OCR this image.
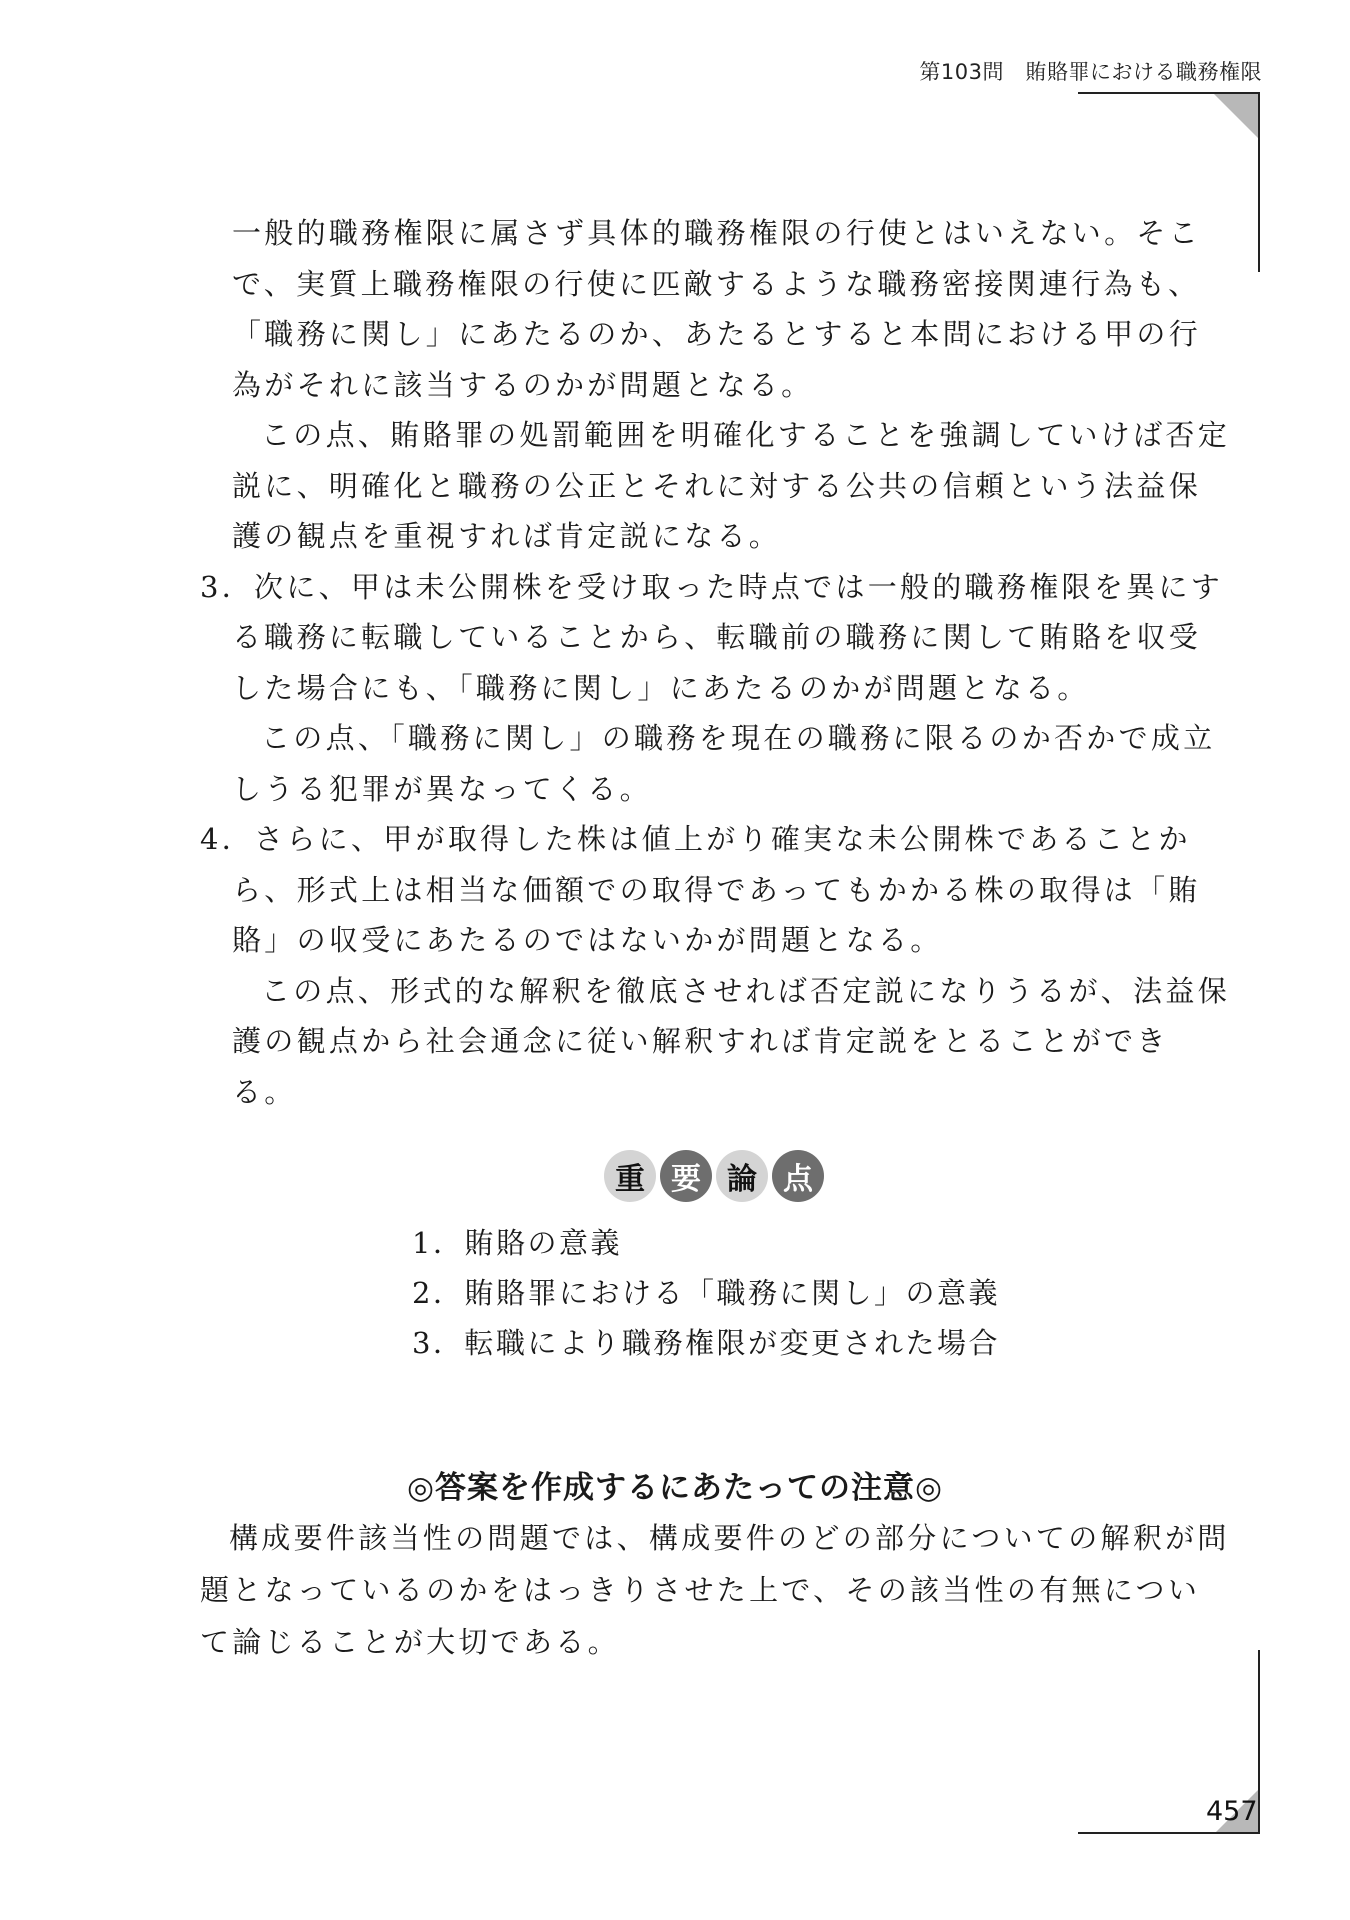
第103問　賄賂罪における職務権限

一般的職務権限に属さず具体的職務権限の行使とはいえない。そこで、実質上職務権限の行使に匹敵するような職務密接関連行為も、「職務に関し」にあたるのか、あたるとすると本問における甲の行為がそれに該当するのかが問題となる。

この点、賄賂罪の処罰範囲を明確化することを強調していけば否定説に、明確化と職務の公正とそれに対する公共の信頼という法益保護の観点を重視すれば肯定説になる。

3．次に、甲は未公開株を受け取った時点では一般的職務権限を異にする職務に転職していることから、転職前の職務に関して賄賂を収受した場合にも、「職務に関し」にあたるのかが問題となる。

この点、「職務に関し」の職務を現在の職務に限るのか否かで成立しうる犯罪が異なってくる。

4．さらに、甲が取得した株は値上がり確実な未公開株であることから、形式上は相当な価額での取得であってもかかる株の取得は「賄賂」の収受にあたるのではないかが問題となる。

この点、形式的な解釈を徹底させれば否定説になりうるが、法益保護の観点から社会通念に従い解釈すれば肯定説をとることができる。

重 要 論 点
1．賄賂の意義
2．賄賂罪における「職務に関し」の意義
3．転職により職務権限が変更された場合
◎答案を作成するにあたっての注意◎

構成要件該当性の問題では、構成要件のどの部分についての解釈が問題となっているのかをはっきりさせた上で、その該当性の有無について論じることが大切である。

457
